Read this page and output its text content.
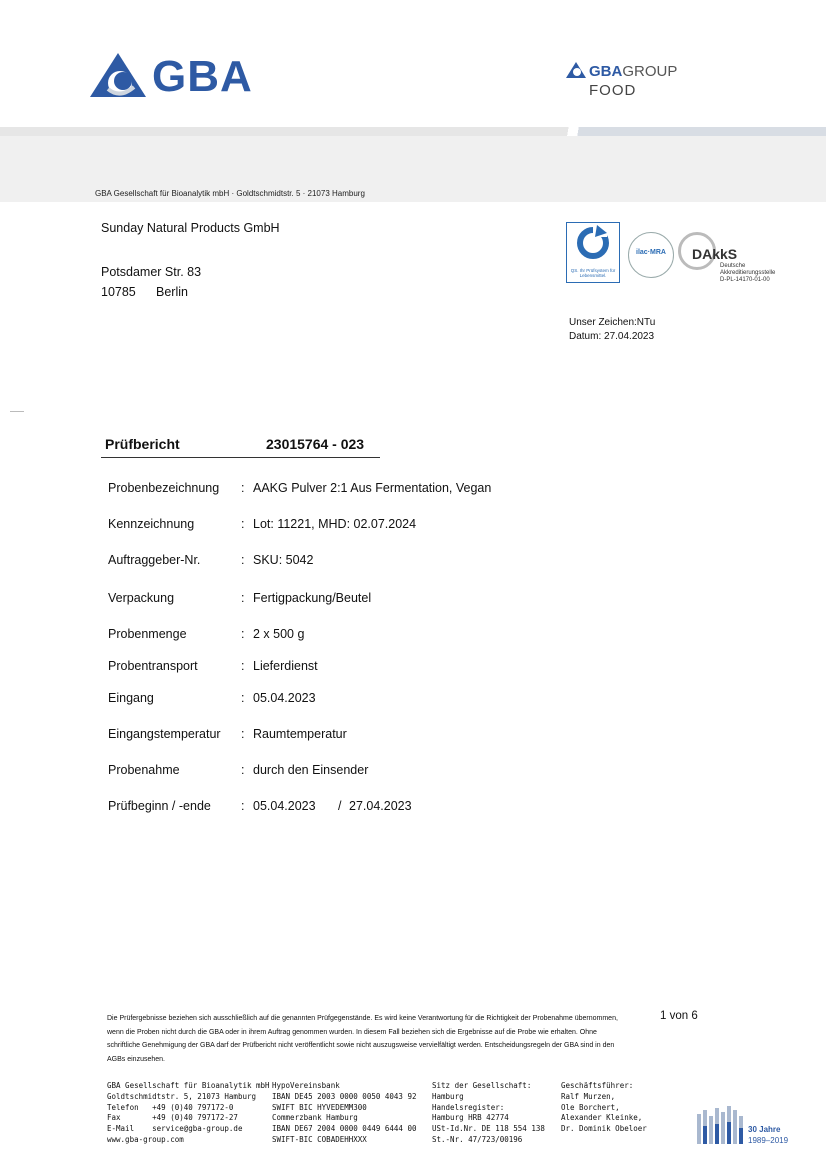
GBA	GBAGROUP
FOOD
GBA Gesellschaft für Bioanalytik mbH · Goldtschmidtstr. 5 · 21073 Hamburg
Sunday Natural Products GmbH
Potsdamer Str. 83
10785 Berlin
QS. Ihr Prüfsystem für Lebensmittel.
ilac·MRA	DAkkS
Deutsche
Akkreditierungsstelle
D-PL-14170-01-00
Unser Zeichen:NTu
Datum: 27.04.2023
Prüfbericht	23015764 - 023
Probenbezeichnung : AAKG Pulver 2:1 Aus Fermentation, Vegan
Kennzeichnung	: Lot: 11221, MHD: 02.07.2024
Auftraggeber-Nr.	: SKU: 5042
Verpackung	: Fertigpackung/Beutel
Probenmenge	: 2 x 500 g
Probentransport	: Lieferdienst
Eingang	: 05.04.2023
Eingangstemperatur : Raumtemperatur
Probenahme	: durch den Einsender
Prüfbeginn / -ende : 05.04.2023 / 27.04.2023
Die Prüfergebnisse beziehen sich ausschließlich auf die genannten Prüfgegenstände. Es wird keine Verantwortung für die Richtigkeit der Probenahme übernommen, wenn die Proben nicht durch die GBA oder in ihrem Auftrag genommen wurden. In diesem Fall beziehen sich die Ergebnisse auf die Probe wie erhalten. Ohne schriftliche Genehmigung der GBA darf der Prüfbericht nicht veröffentlicht sowie nicht auszugsweise vervielfältigt werden. Entscheidungsregeln der GBA sind in den AGBs einzusehen.
1 von 6
GBA Gesellschaft für Bioanalytik mbH
Goldtschmidtstr. 5, 21073 Hamburg
Telefon   +49 (0)40 797172-0
Fax       +49 (0)40 797172-27
E-Mail    service@gba-group.de
www.gba-group.com
HypoVereinsbank
IBAN DE45 2003 0000 0050 4043 92
SWIFT BIC HYVEDEMM300
Commerzbank Hamburg
IBAN DE67 2004 0000 0449 6444 00
SWIFT-BIC COBADEHHXXX
Sitz der Gesellschaft:
Hamburg
Handelsregister:
Hamburg HRB 42774
USt-Id.Nr. DE 118 554 138
St.-Nr. 47/723/00196
Geschäftsführer:
Ralf Murzen,
Ole Borchert,
Alexander Kleinke,
Dr. Dominik Obeloer	30 Jahre
1989–2019
